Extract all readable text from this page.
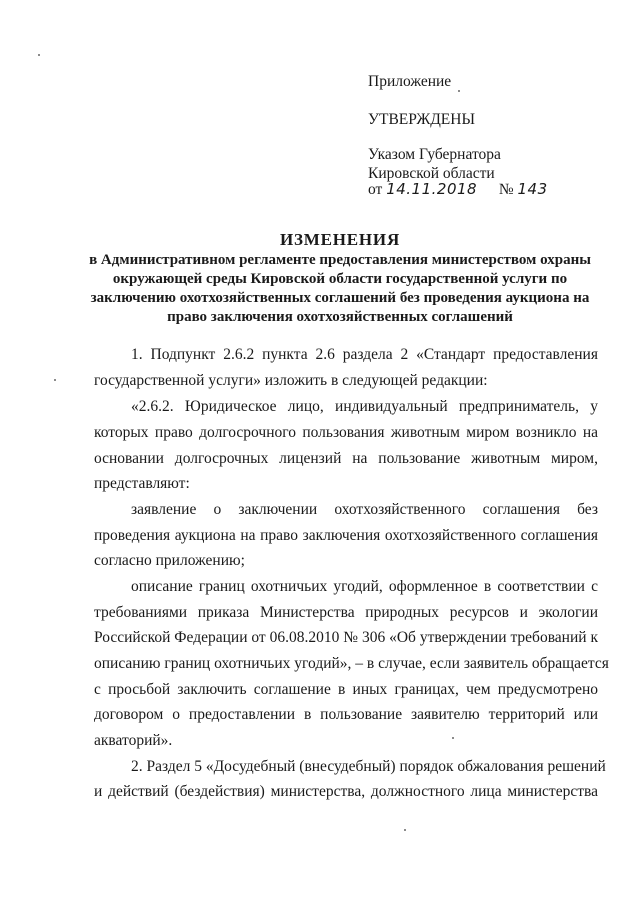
Приложение
УТВЕРЖДЕНЫ
Указом Губернатора
Кировской области
от 14.11.2018 № 143
ИЗМЕНЕНИЯ
в Административном регламенте предоставления министерством охраны
окружающей среды Кировской области государственной услуги по
заключению охотхозяйственных соглашений без проведения аукциона на
право заключения охотхозяйственных соглашений
1. Подпункт 2.6.2 пункта 2.6 раздела 2 «Стандарт предоставления
государственной услуги» изложить в следующей редакции:
«2.6.2. Юридическое лицо, индивидуальный предприниматель, у
которых право долгосрочного пользования животным миром возникло на
основании долгосрочных лицензий на пользование животным миром,
представляют:
заявление о заключении охотхозяйственного соглашения без
проведения аукциона на право заключения охотхозяйственного соглашения
согласно приложению;
описание границ охотничьих угодий, оформленное в соответствии с
требованиями приказа Министерства природных ресурсов и экологии
Российской Федерации от 06.08.2010 № 306 «Об утверждении требований к
описанию границ охотничьих угодий», – в случае, если заявитель обращается
с просьбой заключить соглашение в иных границах, чем предусмотрено
договором о предоставлении в пользование заявителю территорий или
акваторий».
2. Раздел 5 «Досудебный (внесудебный) порядок обжалования решений
и действий (бездействия) министерства, должностного лица министерства
